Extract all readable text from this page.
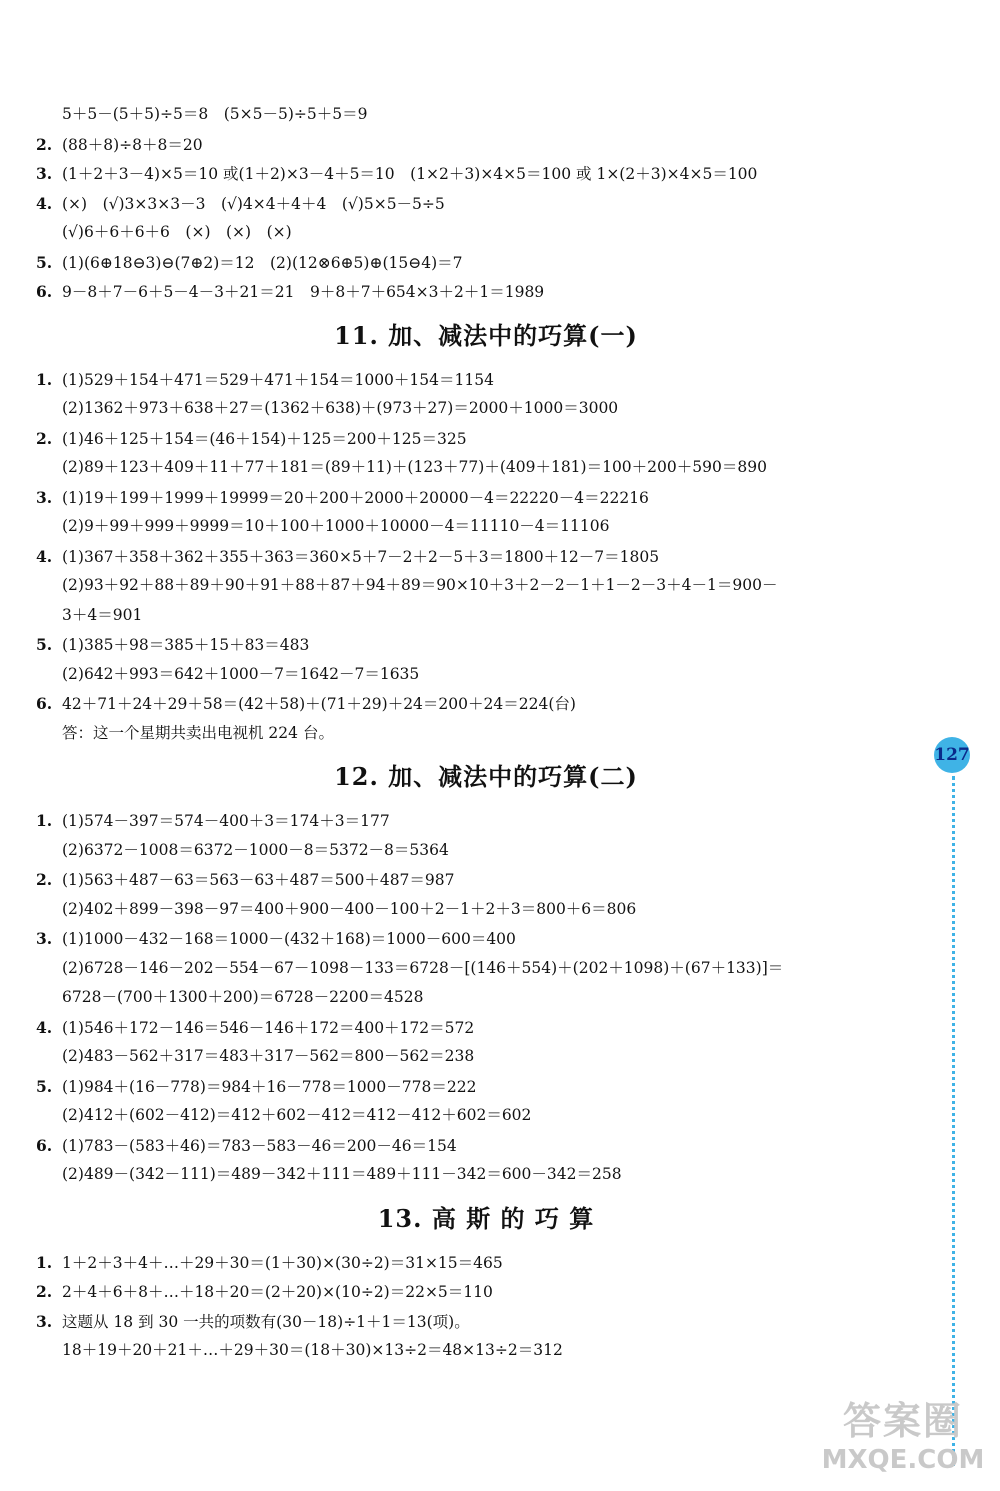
5＋5－(5＋5)÷5＝8　(5×5－5)÷5＋5＝9
2. (88＋8)÷8＋8＝20
3. (1＋2＋3－4)×5＝10 或(1＋2)×3－4＋5＝10　(1×2＋3)×4×5＝100 或 1×(2＋3)×4×5＝100
4. (×)　(√)3×3×3－3　(√)4×4＋4＋4　(√)5×5－5÷5
(√)6＋6＋6＋6　(×)　(×)　(×)
5. (1)(6⊕18⊖3)⊖(7⊕2)＝12　(2)(12⊗6⊕5)⊕(15⊖4)＝7
6. 9－8＋7－6＋5－4－3＋21＝21　9＋8＋7＋654×3＋2＋1＝1989
11. 加、减法中的巧算(一)
1. (1)529＋154＋471＝529＋471＋154＝1000＋154＝1154
(2)1362＋973＋638＋27＝(1362＋638)＋(973＋27)＝2000＋1000＝3000
2. (1)46＋125＋154＝(46＋154)＋125＝200＋125＝325
(2)89＋123＋409＋11＋77＋181＝(89＋11)＋(123＋77)＋(409＋181)＝100＋200＋590＝890
3. (1)19＋199＋1999＋19999＝20＋200＋2000＋20000－4＝22220－4＝22216
(2)9＋99＋999＋9999＝10＋100＋1000＋10000－4＝11110－4＝11106
4. (1)367＋358＋362＋355＋363＝360×5＋7－2＋2－5＋3＝1800＋12－7＝1805
(2)93＋92＋88＋89＋90＋91＋88＋87＋94＋89＝90×10＋3＋2－2－1＋1－2－3＋4－1＝900－
3＋4＝901
5. (1)385＋98＝385＋15＋83＝483
(2)642＋993＝642＋1000－7＝1642－7＝1635
6. 42＋71＋24＋29＋58＝(42＋58)＋(71＋29)＋24＝200＋24＝224(台)
答：这一个星期共卖出电视机 224 台。
12. 加、减法中的巧算(二)
1. (1)574－397＝574－400＋3＝174＋3＝177
(2)6372－1008＝6372－1000－8＝5372－8＝5364
2. (1)563＋487－63＝563－63＋487＝500＋487＝987
(2)402＋899－398－97＝400＋900－400－100＋2－1＋2＋3＝800＋6＝806
3. (1)1000－432－168＝1000－(432＋168)＝1000－600＝400
(2)6728－146－202－554－67－1098－133＝6728－[(146＋554)＋(202＋1098)＋(67＋133)]＝
6728－(700＋1300＋200)＝6728－2200＝4528
4. (1)546＋172－146＝546－146＋172＝400＋172＝572
(2)483－562＋317＝483＋317－562＝800－562＝238
5. (1)984＋(16－778)＝984＋16－778＝1000－778＝222
(2)412＋(602－412)＝412＋602－412＝412－412＋602＝602
6. (1)783－(583＋46)＝783－583－46＝200－46＝154
(2)489－(342－111)＝489－342＋111＝489＋111－342＝600－342＝258
13. 高 斯 的 巧 算
1. 1＋2＋3＋4＋…＋29＋30＝(1＋30)×(30÷2)＝31×15＝465
2. 2＋4＋6＋8＋…＋18＋20＝(2＋20)×(10÷2)＝22×5＝110
3. 这题从 18 到 30 一共的项数有(30－18)÷1＋1＝13(项)。
18＋19＋20＋21＋…＋29＋30＝(18＋30)×13÷2＝48×13÷2＝312
127
答案圈
MXQE.COM
